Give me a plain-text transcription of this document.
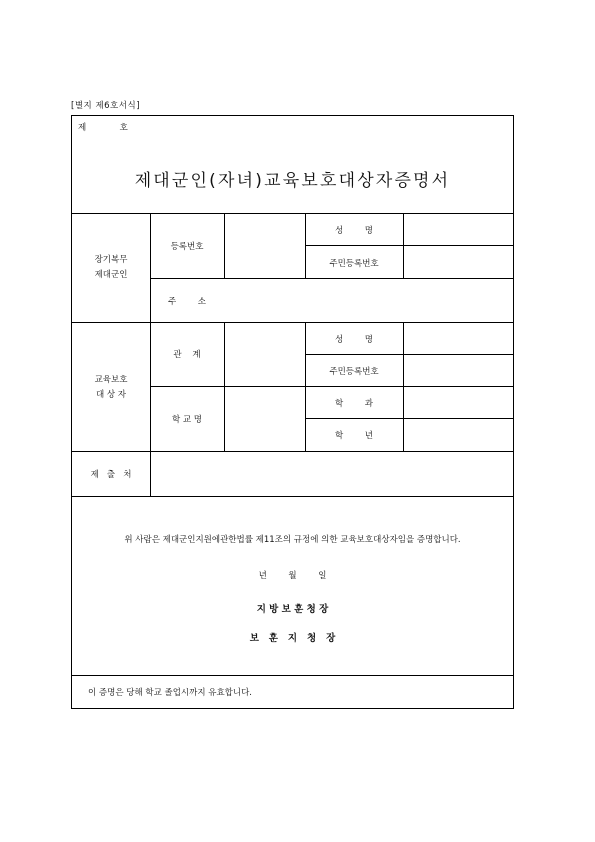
[별지 제6호서식]
제	호
제대군인(자녀)교육보호대상자증명서
장기복무
제대군인
등록번호
성        명
주민등록번호
주        소
교육보호
대 상 자
관    계
학 교 명
성        명
주민등록번호
학        과
학        년
제   출   처
위 사람은 제대군인지원에관한법률 제11조의 규정에 의한 교육보호대상자임을 증명합니다.
년        월        일
지 방 보 훈 청 장
보   훈   지   청   장
이 증명은 당해 학교 졸업시까지 유효합니다.
